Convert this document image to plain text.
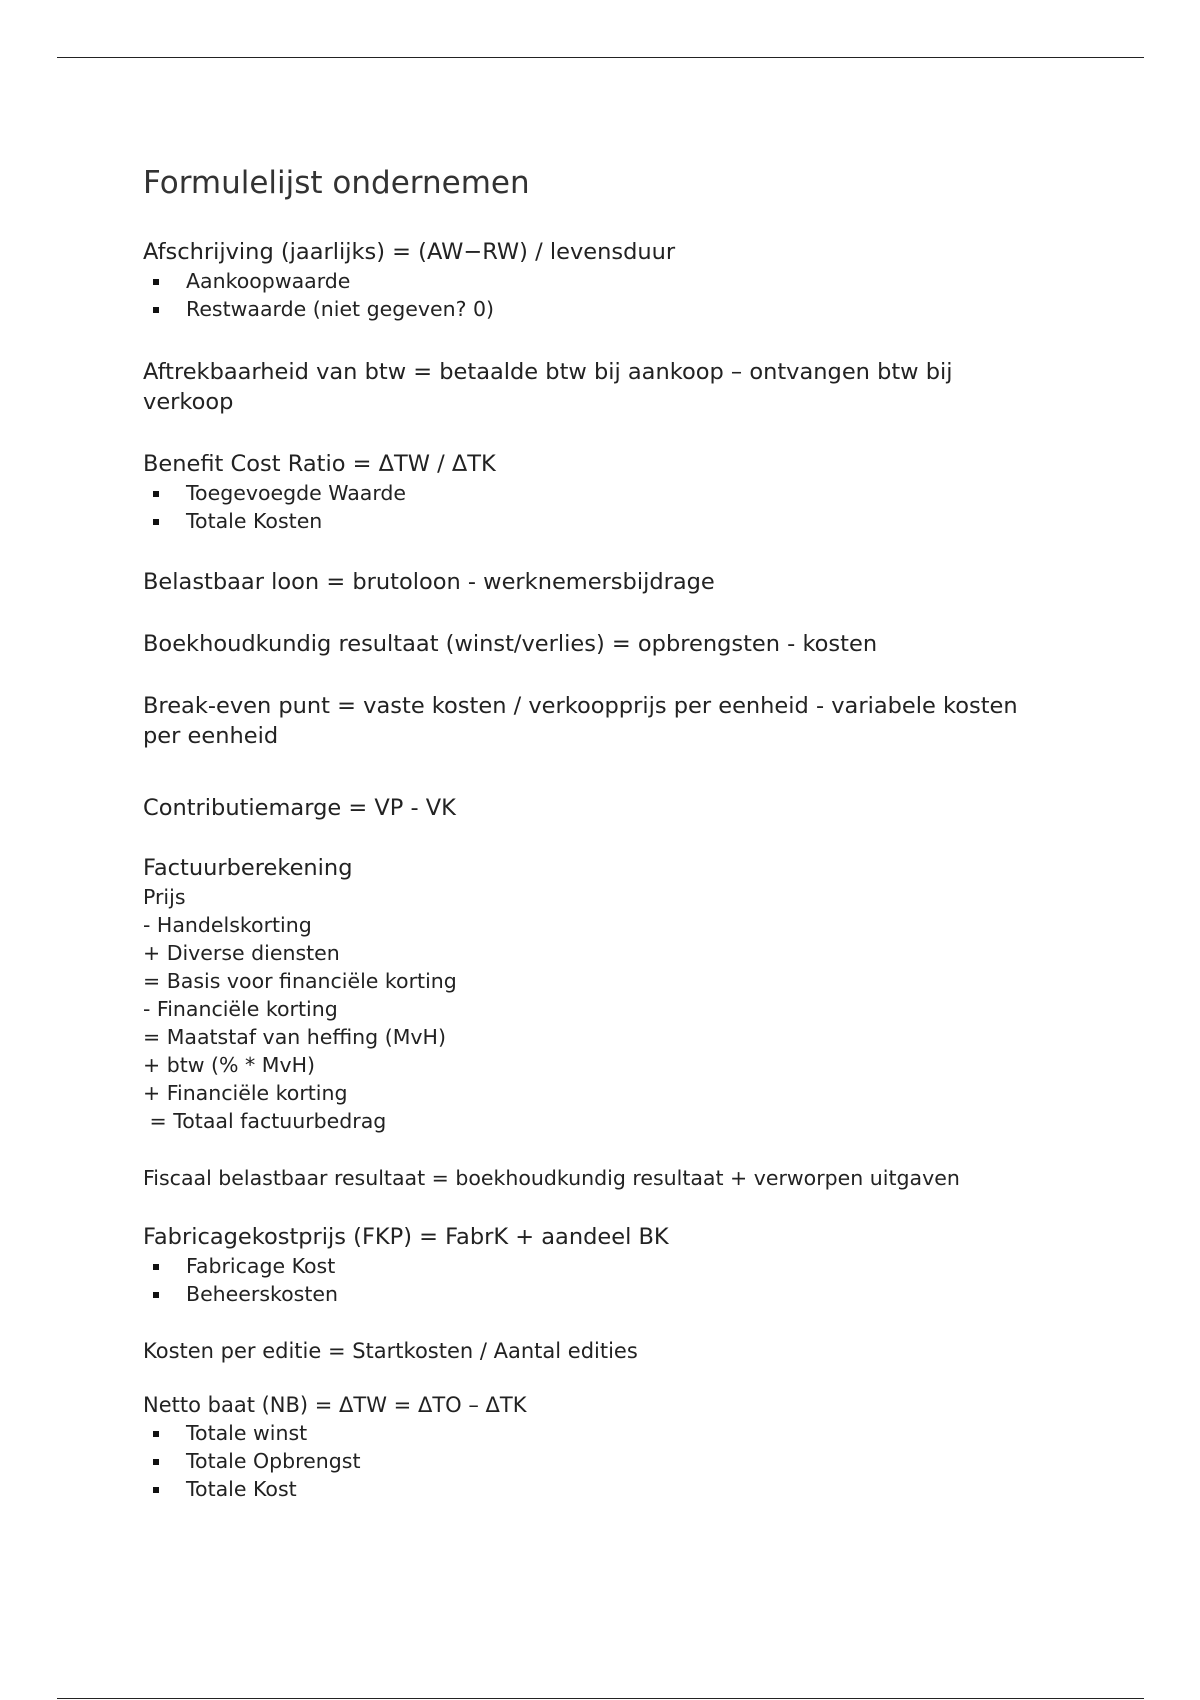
Formulelijst ondernemen
Afschrijving (jaarlijks) = (AW−RW) / levensduur
Aankoopwaarde
Restwaarde (niet gegeven? 0)
Aftrekbaarheid van btw = betaalde btw bij aankoop – ontvangen btw bij verkoop
Benefit Cost Ratio = ΔTW / ΔTK
Toegevoegde Waarde
Totale Kosten
Belastbaar loon = brutoloon - werknemersbijdrage
Boekhoudkundig resultaat (winst/verlies) = opbrengsten - kosten
Break-even punt = vaste kosten / verkoopprijs per eenheid - variabele kosten per eenheid
Contributiemarge = VP - VK
Factuurberekening
Prijs
- Handelskorting
+ Diverse diensten
= Basis voor financiële korting
- Financiële korting
= Maatstaf van heffing (MvH)
+ btw (% * MvH)
+ Financiële korting
= Totaal factuurbedrag
Fiscaal belastbaar resultaat = boekhoudkundig resultaat + verworpen uitgaven
Fabricagekostprijs (FKP) = FabrK + aandeel BK
Fabricage Kost
Beheerskosten
Kosten per editie = Startkosten / Aantal edities
Netto baat (NB) = ΔTW = ΔTO – ΔTK
Totale winst
Totale Opbrengst
Totale Kost
